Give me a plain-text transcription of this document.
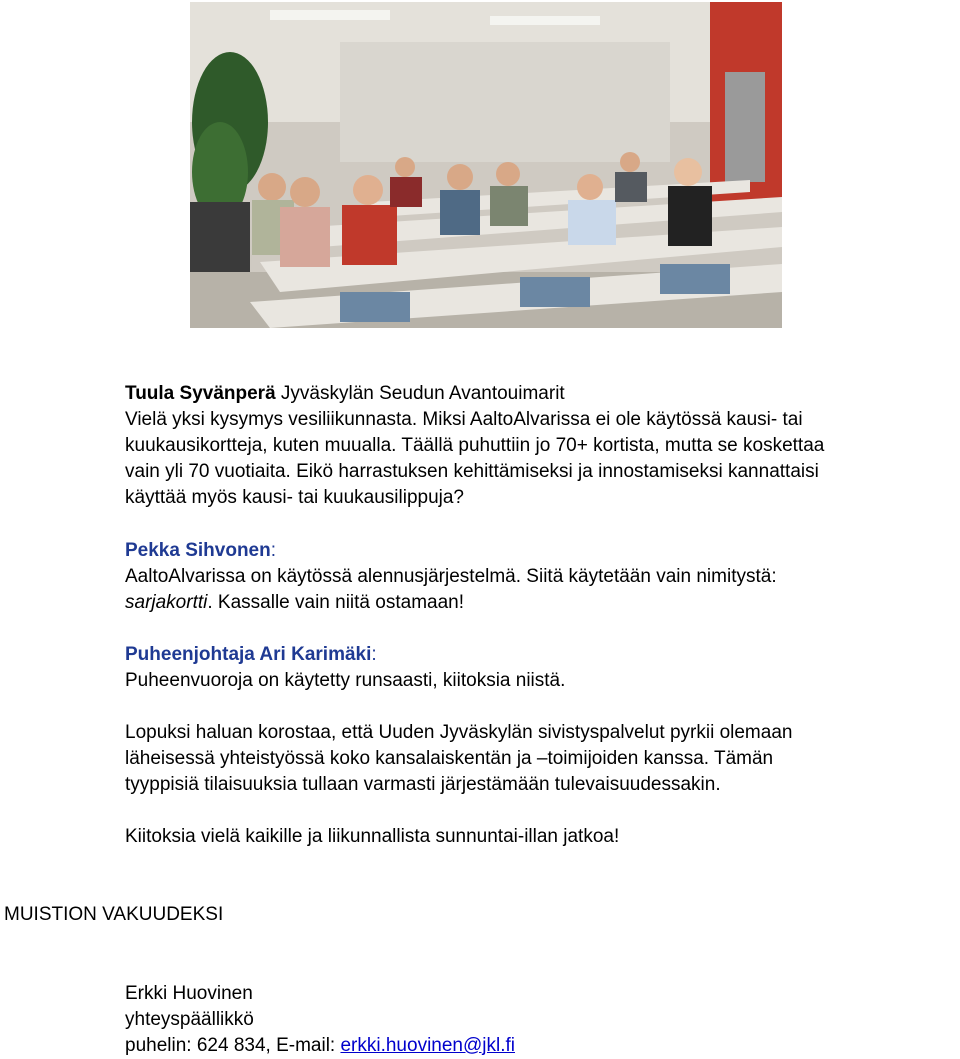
Tuula Syvänperä Jyväskylän Seudun Avantouimarit
Vielä yksi kysymys vesiliikunnasta. Miksi AaltoAlvarissa ei ole käytössä kausi- tai
kuukausikortteja, kuten muualla. Täällä puhuttiin jo 70+ kortista, mutta se koskettaa
vain yli 70 vuotiaita. Eikö harrastuksen kehittämiseksi ja innostamiseksi kannattaisi
käyttää myös kausi- tai kuukausilippuja?
Pekka Sihvonen:
AaltoAlvarissa on käytössä alennusjärjestelmä. Siitä käytetään vain nimitystä:
sarjakortti. Kassalle vain niitä ostamaan!
Puheenjohtaja Ari Karimäki:
Puheenvuoroja on käytetty runsaasti, kiitoksia niistä.
Lopuksi haluan korostaa, että Uuden Jyväskylän sivistyspalvelut pyrkii olemaan
läheisessä yhteistyössä koko kansalaiskentän ja –toimijoiden kanssa. Tämän
tyyppisiä tilaisuuksia tullaan varmasti järjestämään tulevaisuudessakin.
Kiitoksia vielä kaikille ja liikunnallista sunnuntai-illan jatkoa!
MUISTION VAKUUDEKSI
Erkki Huovinen
yhteyspäällikkö
puhelin: 624 834, E-mail: erkki.huovinen@jkl.fi
